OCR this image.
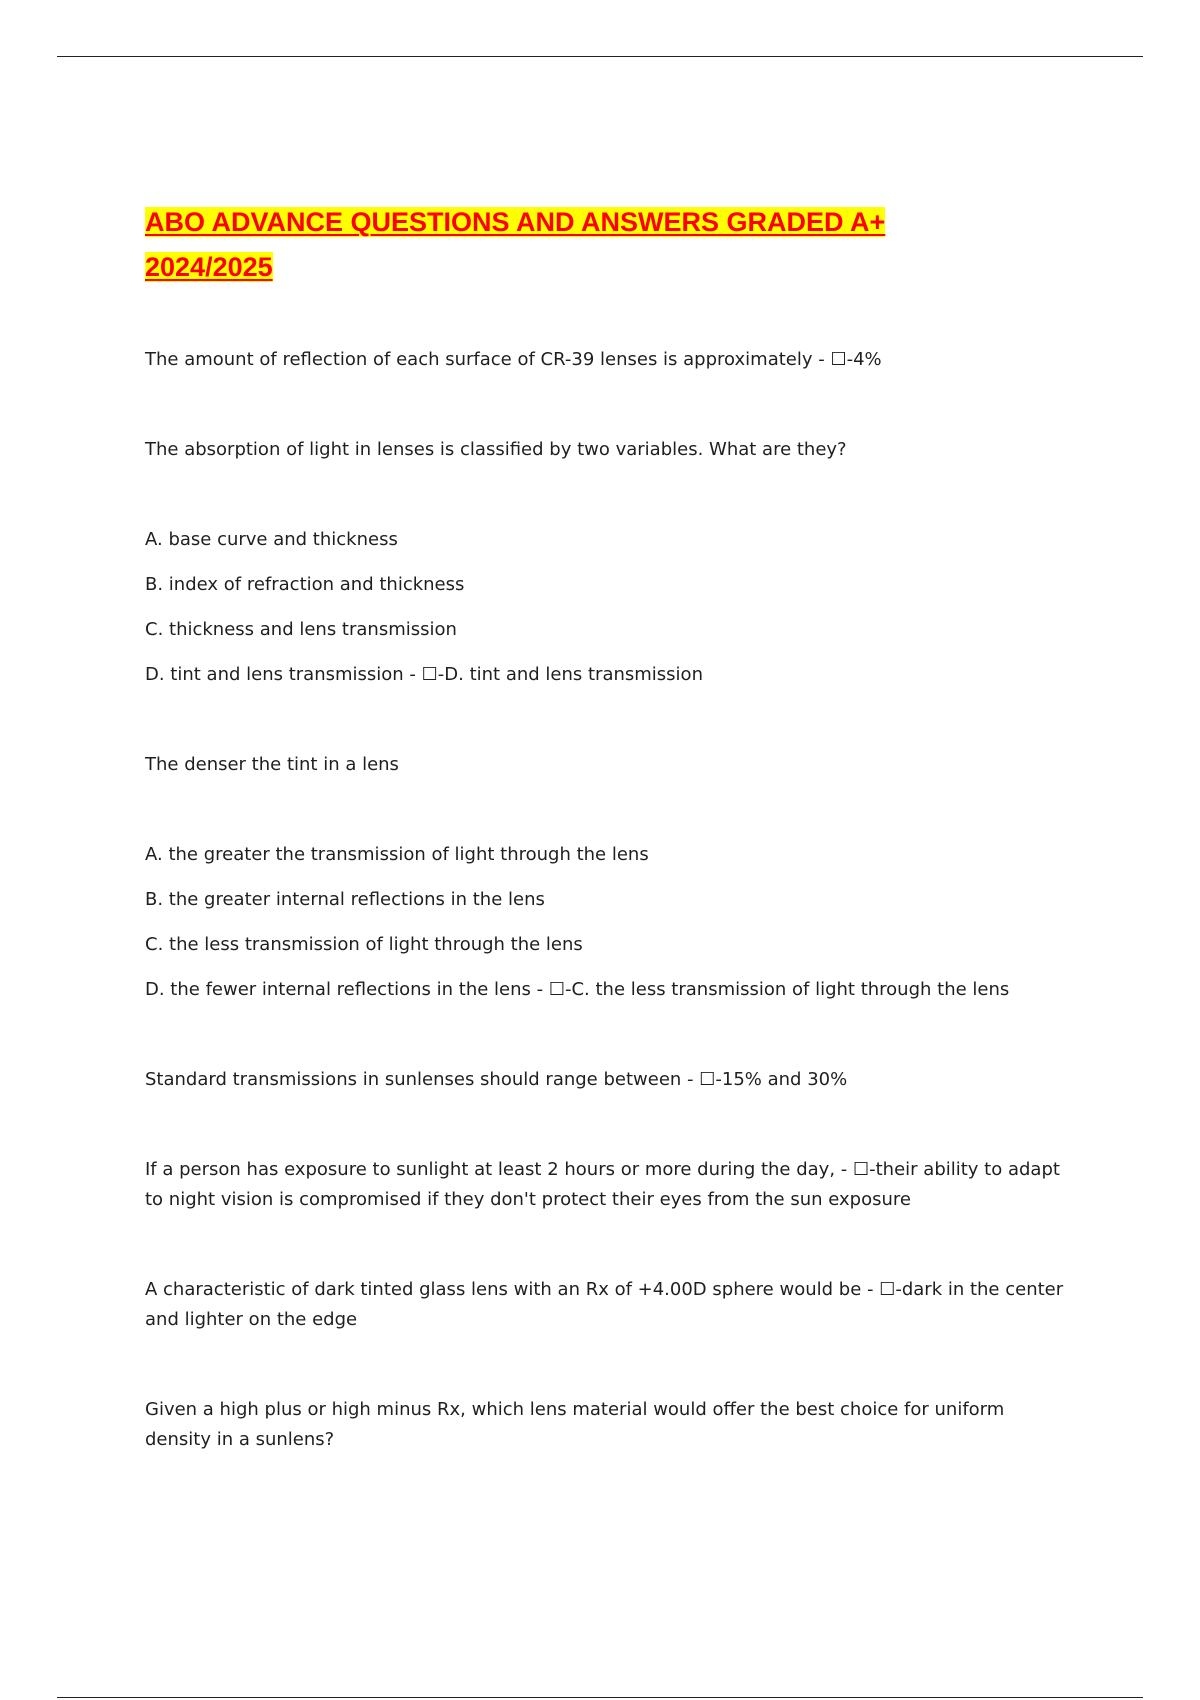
ABO ADVANCE QUESTIONS AND ANSWERS GRADED A+
2024/2025

The amount of reflection of each surface of CR-39 lenses is approximately - ☐-4%

The absorption of light in lenses is classified by two variables. What are they?

A. base curve and thickness

B. index of refraction and thickness

C. thickness and lens transmission

D. tint and lens transmission - ☐-D. tint and lens transmission

The denser the tint in a lens

A. the greater the transmission of light through the lens

B. the greater internal reflections in the lens

C. the less transmission of light through the lens

D. the fewer internal reflections in the lens - ☐-C. the less transmission of light through the lens

Standard transmissions in sunlenses should range between - ☐-15% and 30%

If a person has exposure to sunlight at least 2 hours or more during the day, - ☐-their ability to adapt to night vision is compromised if they don't protect their eyes from the sun exposure

A characteristic of dark tinted glass lens with an Rx of +4.00D sphere would be - ☐-dark in the center and lighter on the edge

Given a high plus or high minus Rx, which lens material would offer the best choice for uniform density in a sunlens?
